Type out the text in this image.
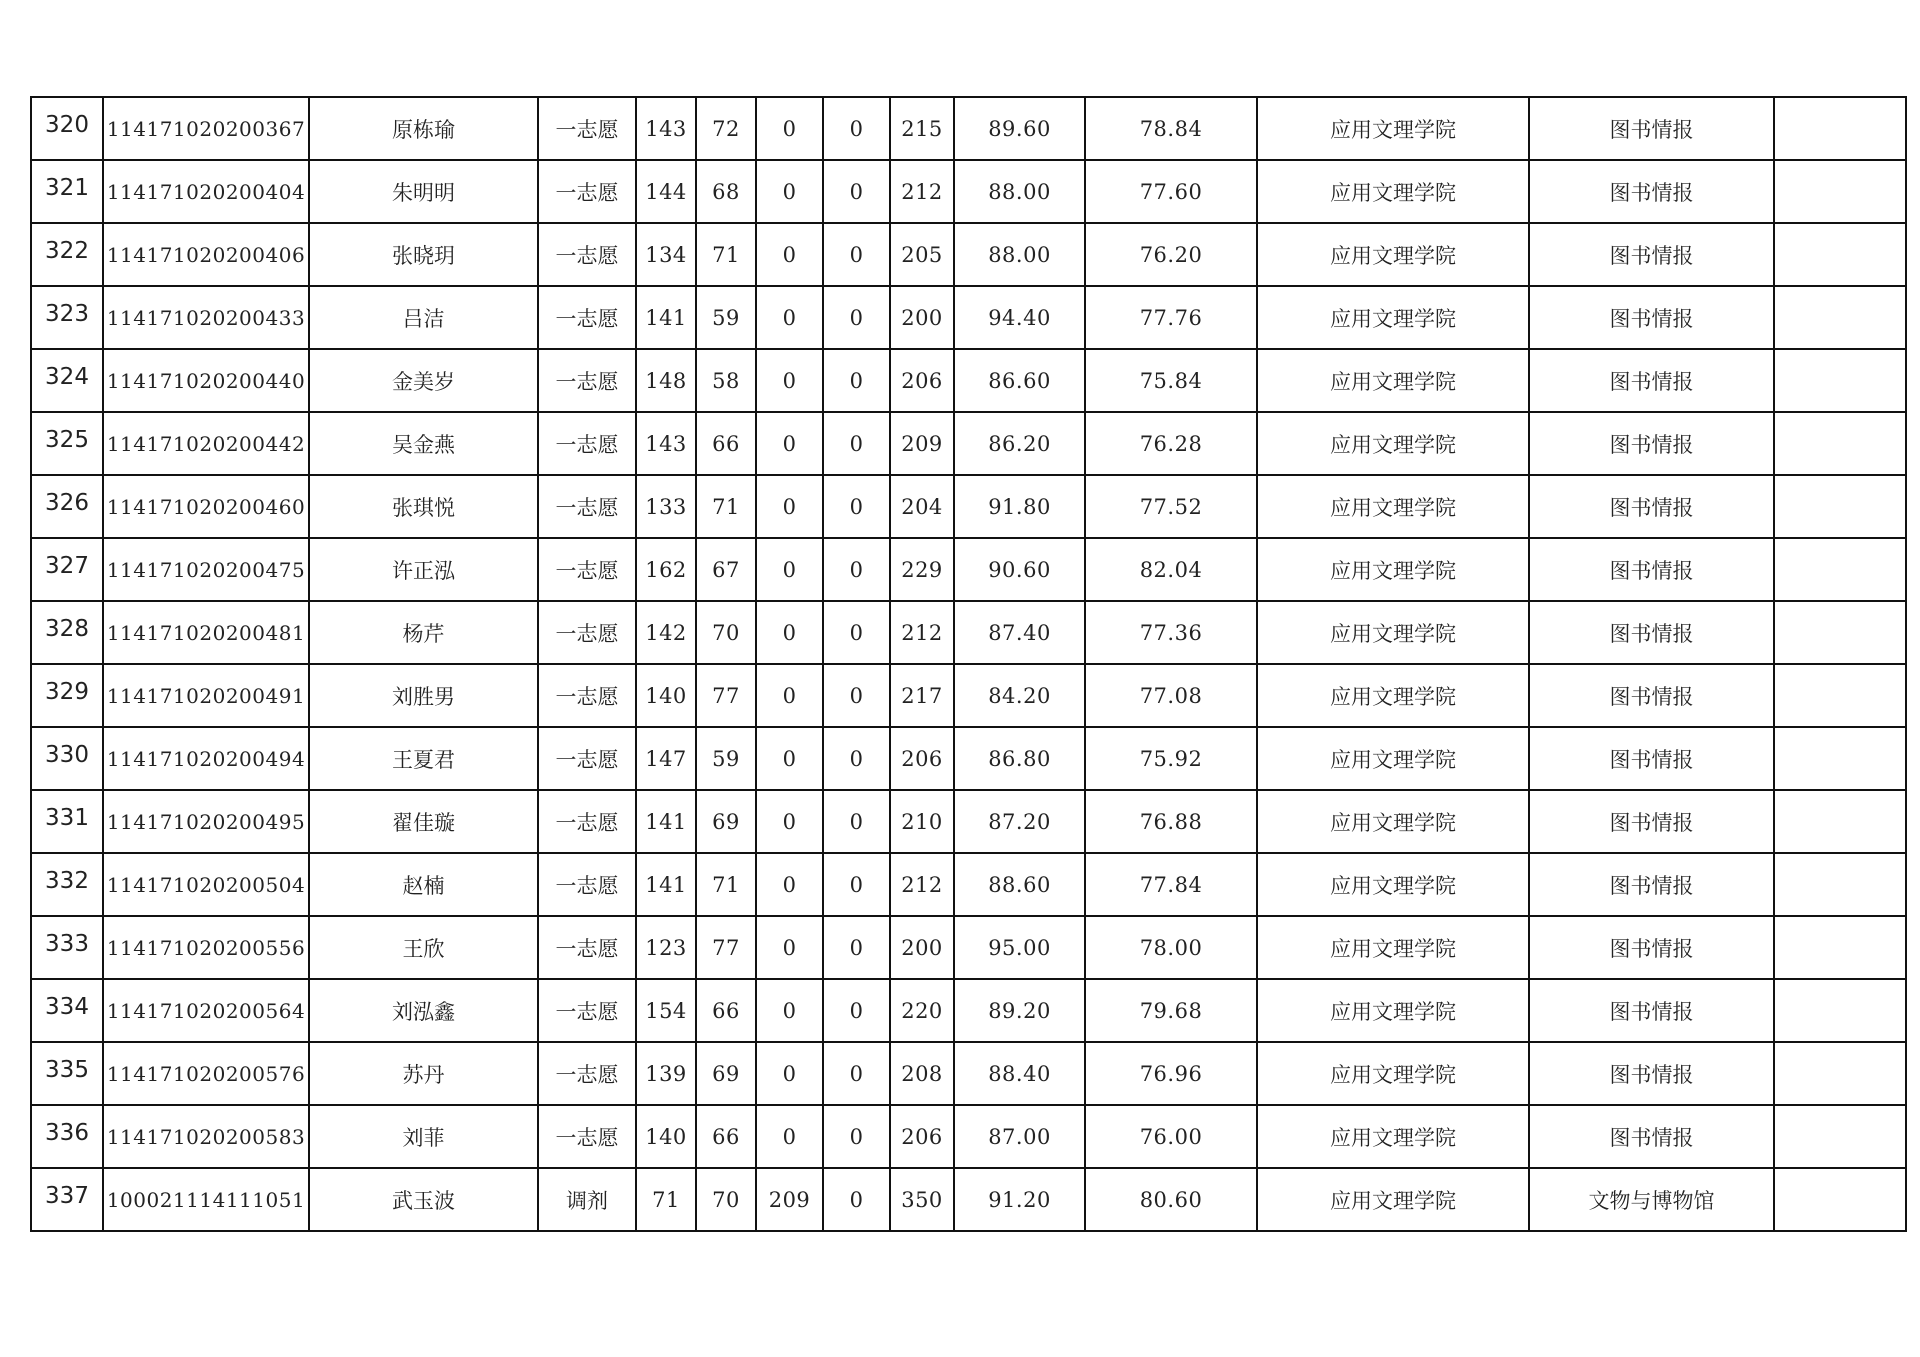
320	114171020200367	原栋瑜	一志愿	143	72	0	0	215	89.60	78.84	应用文理学院	图书情报	
321	114171020200404	朱明明	一志愿	144	68	0	0	212	88.00	77.60	应用文理学院	图书情报	
322	114171020200406	张晓玥	一志愿	134	71	0	0	205	88.00	76.20	应用文理学院	图书情报	
323	114171020200433	吕洁	一志愿	141	59	0	0	200	94.40	77.76	应用文理学院	图书情报	
324	114171020200440	金美岁	一志愿	148	58	0	0	206	86.60	75.84	应用文理学院	图书情报	
325	114171020200442	吴金燕	一志愿	143	66	0	0	209	86.20	76.28	应用文理学院	图书情报	
326	114171020200460	张琪悦	一志愿	133	71	0	0	204	91.80	77.52	应用文理学院	图书情报	
327	114171020200475	许正泓	一志愿	162	67	0	0	229	90.60	82.04	应用文理学院	图书情报	
328	114171020200481	杨芹	一志愿	142	70	0	0	212	87.40	77.36	应用文理学院	图书情报	
329	114171020200491	刘胜男	一志愿	140	77	0	0	217	84.20	77.08	应用文理学院	图书情报	
330	114171020200494	王夏君	一志愿	147	59	0	0	206	86.80	75.92	应用文理学院	图书情报	
331	114171020200495	翟佳璇	一志愿	141	69	0	0	210	87.20	76.88	应用文理学院	图书情报	
332	114171020200504	赵楠	一志愿	141	71	0	0	212	88.60	77.84	应用文理学院	图书情报	
333	114171020200556	王欣	一志愿	123	77	0	0	200	95.00	78.00	应用文理学院	图书情报	
334	114171020200564	刘泓鑫	一志愿	154	66	0	0	220	89.20	79.68	应用文理学院	图书情报	
335	114171020200576	苏丹	一志愿	139	69	0	0	208	88.40	76.96	应用文理学院	图书情报	
336	114171020200583	刘菲	一志愿	140	66	0	0	206	87.00	76.00	应用文理学院	图书情报	
337	100021114111051	武玉波	调剂	71	70	209	0	350	91.20	80.60	应用文理学院	文物与博物馆	
